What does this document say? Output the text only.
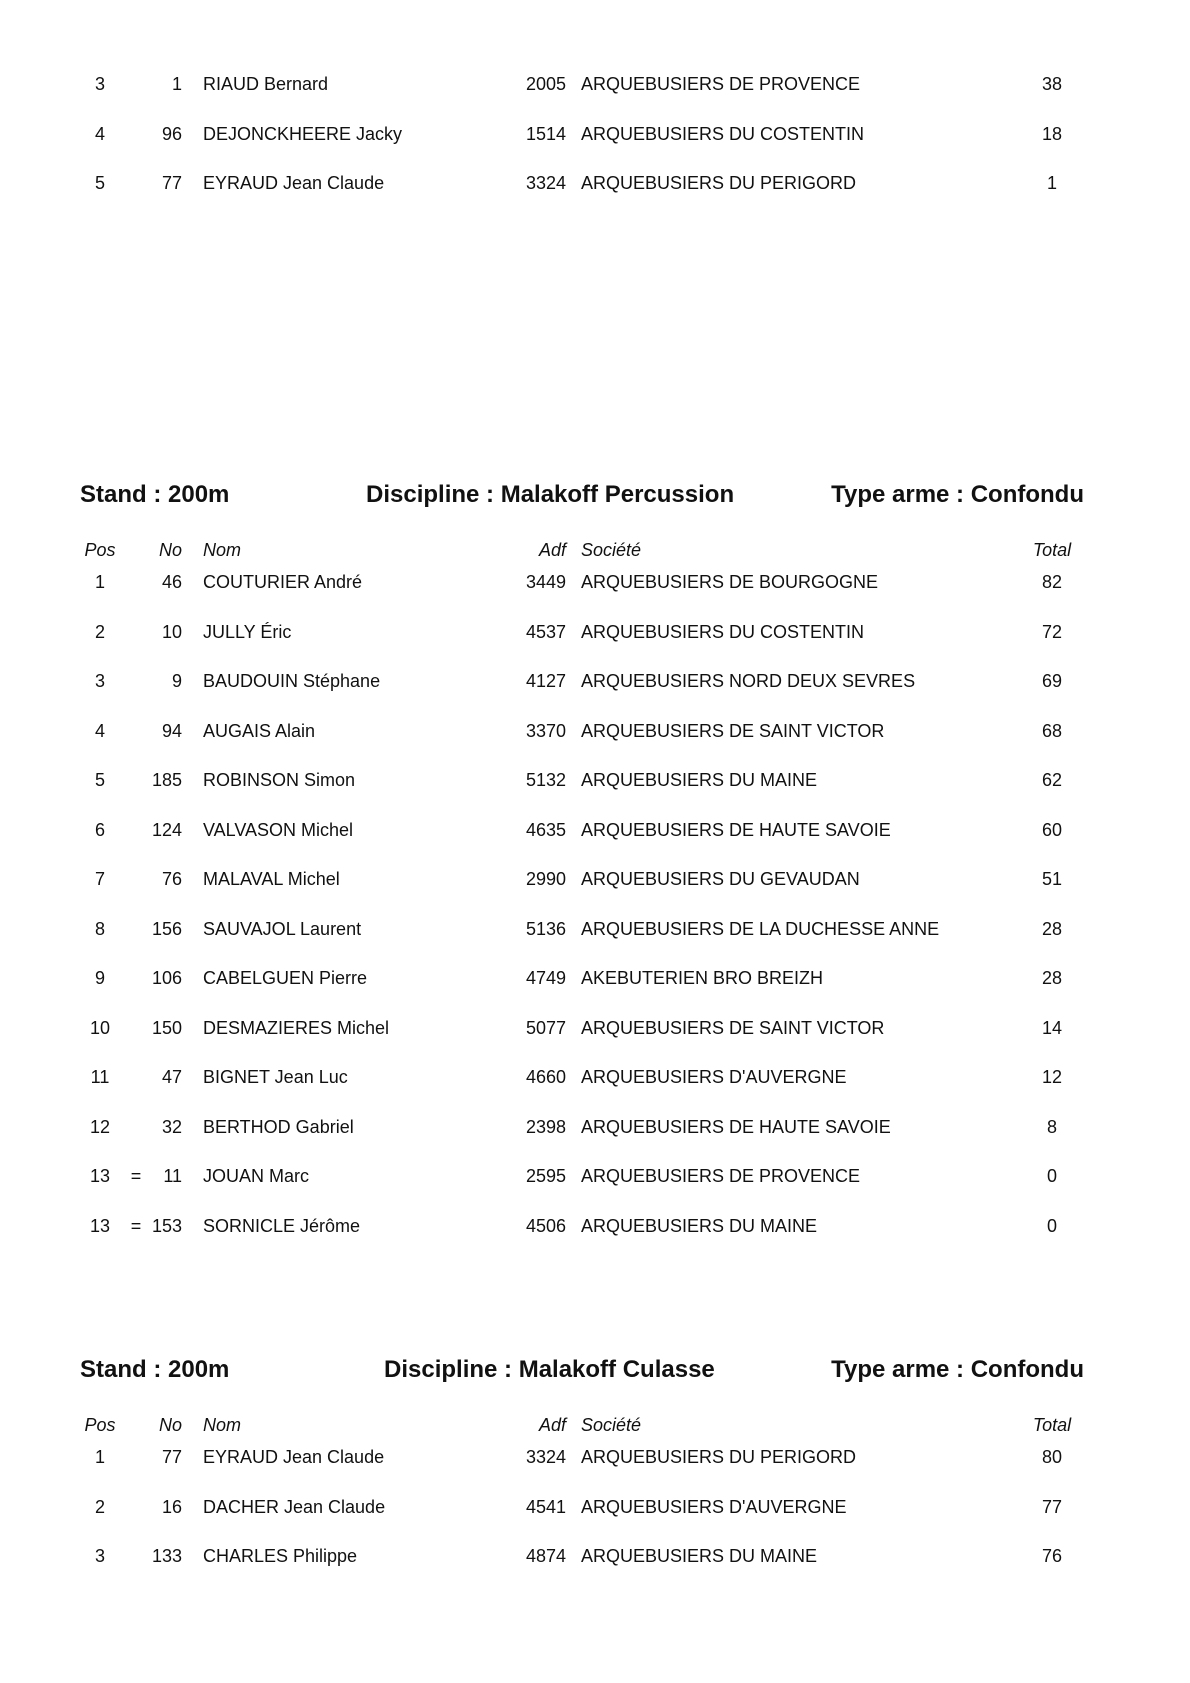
3	1 RIAUD Bernard	2005 ARQUEBUSIERS DE PROVENCE	38
4	96 DEJONCKHEERE Jacky	1514 ARQUEBUSIERS DU COSTENTIN	18
5	77 EYRAUD Jean Claude	3324 ARQUEBUSIERS DU PERIGORD	1
Stand : 200m	Discipline : Malakoff Percussion	Type arme : Confondu
Pos	No Nom	Adf Société	Total
1	46 COUTURIER André	3449 ARQUEBUSIERS DE BOURGOGNE	82
2	10 JULLY Éric	4537 ARQUEBUSIERS DU COSTENTIN	72
3	9 BAUDOUIN Stéphane	4127 ARQUEBUSIERS NORD DEUX SEVRES	69
4	94 AUGAIS Alain	3370 ARQUEBUSIERS DE SAINT VICTOR	68
5	185 ROBINSON Simon	5132 ARQUEBUSIERS DU MAINE	62
6	124 VALVASON Michel	4635 ARQUEBUSIERS DE HAUTE SAVOIE	60
7	76 MALAVAL Michel	2990 ARQUEBUSIERS DU GEVAUDAN	51
8	156 SAUVAJOL Laurent	5136 ARQUEBUSIERS DE LA DUCHESSE ANNE	28
9	106 CABELGUEN Pierre	4749 AKEBUTERIEN BRO BREIZH	28
10	150 DESMAZIERES Michel	5077 ARQUEBUSIERS DE SAINT VICTOR	14
11	47 BIGNET Jean Luc	4660 ARQUEBUSIERS D'AUVERGNE	12
12	32 BERTHOD Gabriel	2398 ARQUEBUSIERS DE HAUTE SAVOIE	8
13	=	11 JOUAN Marc	2595 ARQUEBUSIERS DE PROVENCE	0
13	= 153 SORNICLE Jérôme	4506 ARQUEBUSIERS DU MAINE	0
Stand : 200m	Discipline : Malakoff Culasse	Type arme : Confondu
Pos	No Nom	Adf Société	Total
1	77 EYRAUD Jean Claude	3324 ARQUEBUSIERS DU PERIGORD	80
2	16 DACHER Jean Claude	4541 ARQUEBUSIERS D'AUVERGNE	77
3	133 CHARLES Philippe	4874 ARQUEBUSIERS DU MAINE	76
